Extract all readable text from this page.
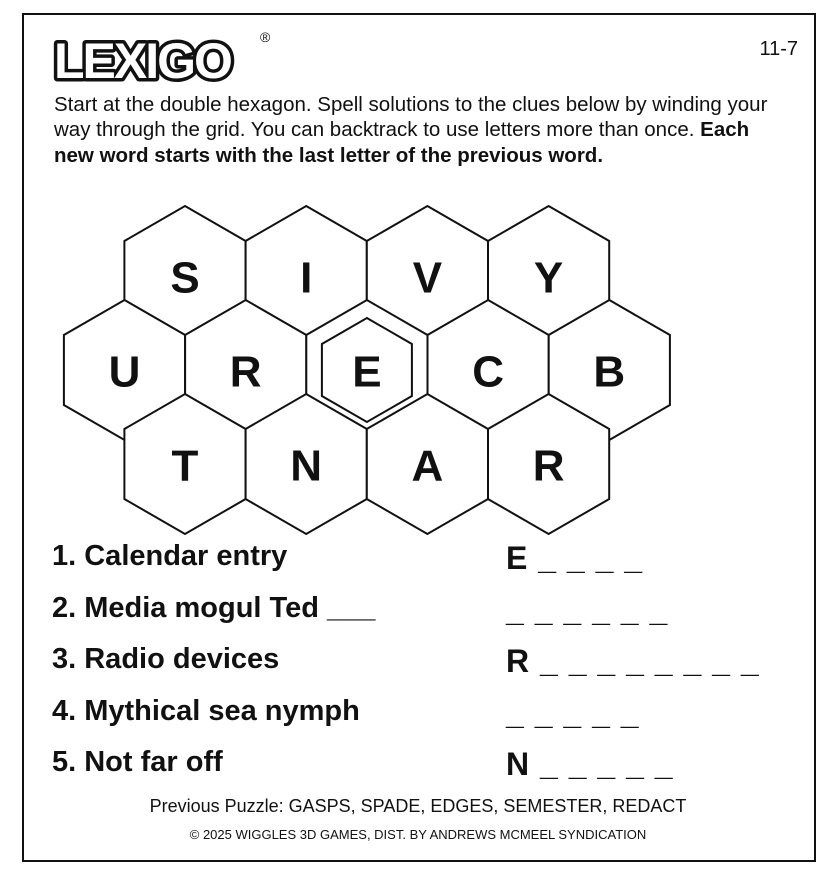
LEXIGO ®
11-7
Start at the double hexagon. Spell solutions to the clues below by winding your way through the grid. You can backtrack to use letters more than once. Each new word starts with the last letter of the previous word.
S I V Y
U R E C B
T N A R
1. Calendar entry	E _ _ _ _
2. Media mogul Ted ___	_ _ _ _ _ _
3. Radio devices	R _ _ _ _ _ _ _ _
4. Mythical sea nymph	_ _ _ _ _
5. Not far off	N _ _ _ _ _
Previous Puzzle: GASPS, SPADE, EDGES, SEMESTER, REDACT
© 2025 WIGGLES 3D GAMES, DIST. BY ANDREWS MCMEEL SYNDICATION
